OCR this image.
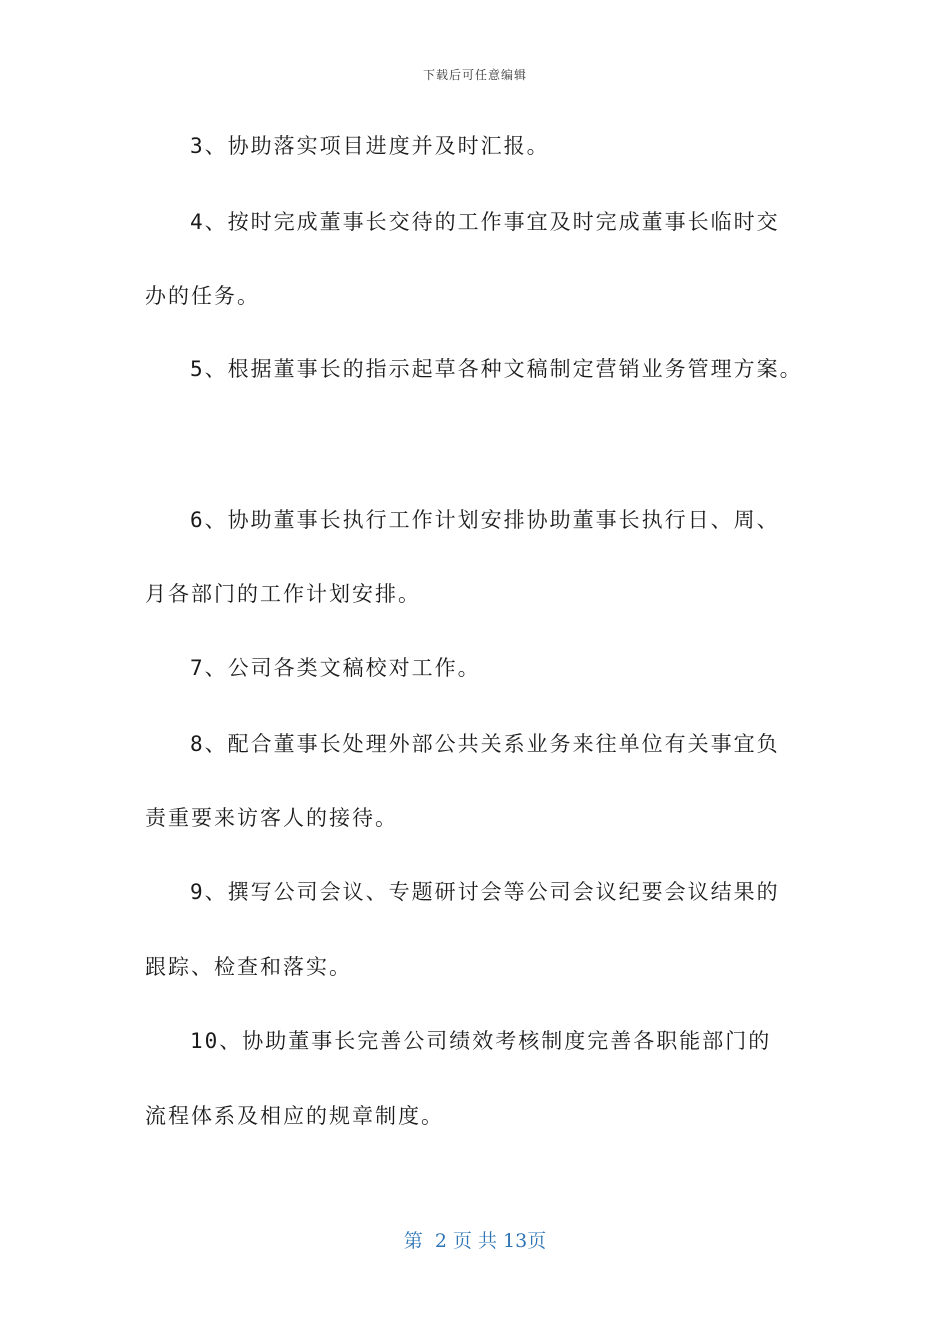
下载后可任意编辑
3、协助落实项目进度并及时汇报。
4、按时完成董事长交待的工作事宜及时完成董事长临时交
办的任务。
5、根据董事长的指示起草各种文稿制定营销业务管理方案。
6、协助董事长执行工作计划安排协助董事长执行日、周、
月各部门的工作计划安排。
7、公司各类文稿校对工作。
8、配合董事长处理外部公共关系业务来往单位有关事宜负
责重要来访客人的接待。
9、撰写公司会议、专题研讨会等公司会议纪要会议结果的
跟踪、检查和落实。
10、协助董事长完善公司绩效考核制度完善各职能部门的
流程体系及相应的规章制度。
第  2 页 共 13页
